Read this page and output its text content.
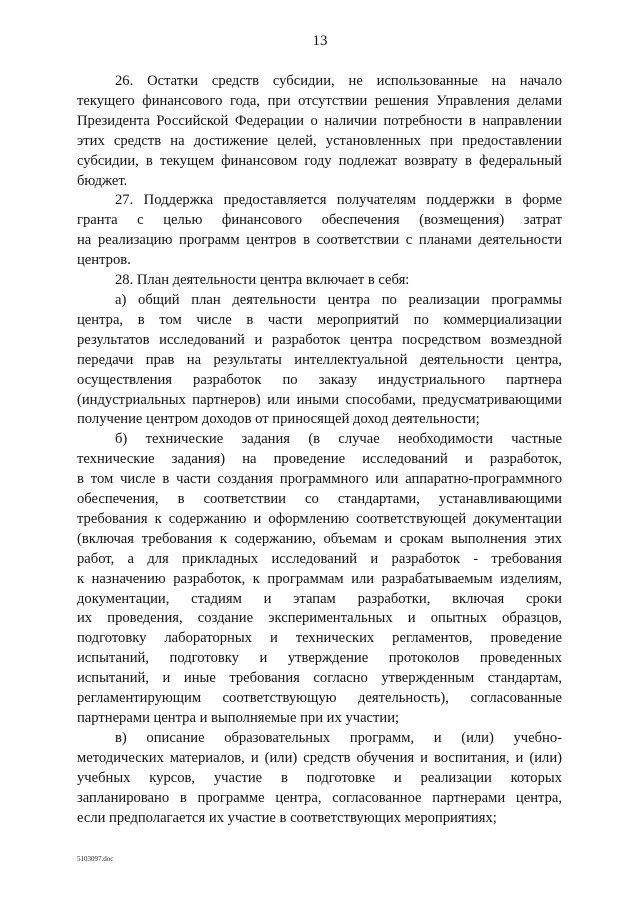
13
26. Остатки средств субсидии, не использованные на начало
текущего финансового года, при отсутствии решения Управления делами
Президента Российской Федерации о наличии потребности в направлении
этих средств на достижение целей, установленных при предоставлении
субсидии, в текущем финансовом году подлежат возврату в федеральный
бюджет.
27. Поддержка предоставляется получателям поддержки в форме
гранта с целью финансового обеспечения (возмещения) затрат
на реализацию программ центров в соответствии с планами деятельности
центров.
28. План деятельности центра включает в себя:
а) общий план деятельности центра по реализации программы
центра, в том числе в части мероприятий по коммерциализации
результатов исследований и разработок центра посредством возмездной
передачи прав на результаты интеллектуальной деятельности центра,
осуществления разработок по заказу индустриального партнера
(индустриальных партнеров) или иными способами, предусматривающими
получение центром доходов от приносящей доход деятельности;
б) технические задания (в случае необходимости частные
технические задания) на проведение исследований и разработок,
в том числе в части создания программного или аппаратно-программного
обеспечения, в соответствии со стандартами, устанавливающими
требования к содержанию и оформлению соответствующей документации
(включая требования к содержанию, объемам и срокам выполнения этих
работ, а для прикладных исследований и разработок - требования
к назначению разработок, к программам или разрабатываемым изделиям,
документации, стадиям и этапам разработки, включая сроки
их проведения, создание экспериментальных и опытных образцов,
подготовку лабораторных и технических регламентов, проведение
испытаний, подготовку и утверждение протоколов проведенных
испытаний, и иные требования согласно утвержденным стандартам,
регламентирующим соответствующую деятельность), согласованные
партнерами центра и выполняемые при их участии;
в) описание образовательных программ, и (или) учебно-
методических материалов, и (или) средств обучения и воспитания, и (или)
учебных курсов, участие в подготовке и реализации которых
запланировано в программе центра, согласованное партнерами центра,
если предполагается их участие в соответствующих мероприятиях;
5103097.doc
